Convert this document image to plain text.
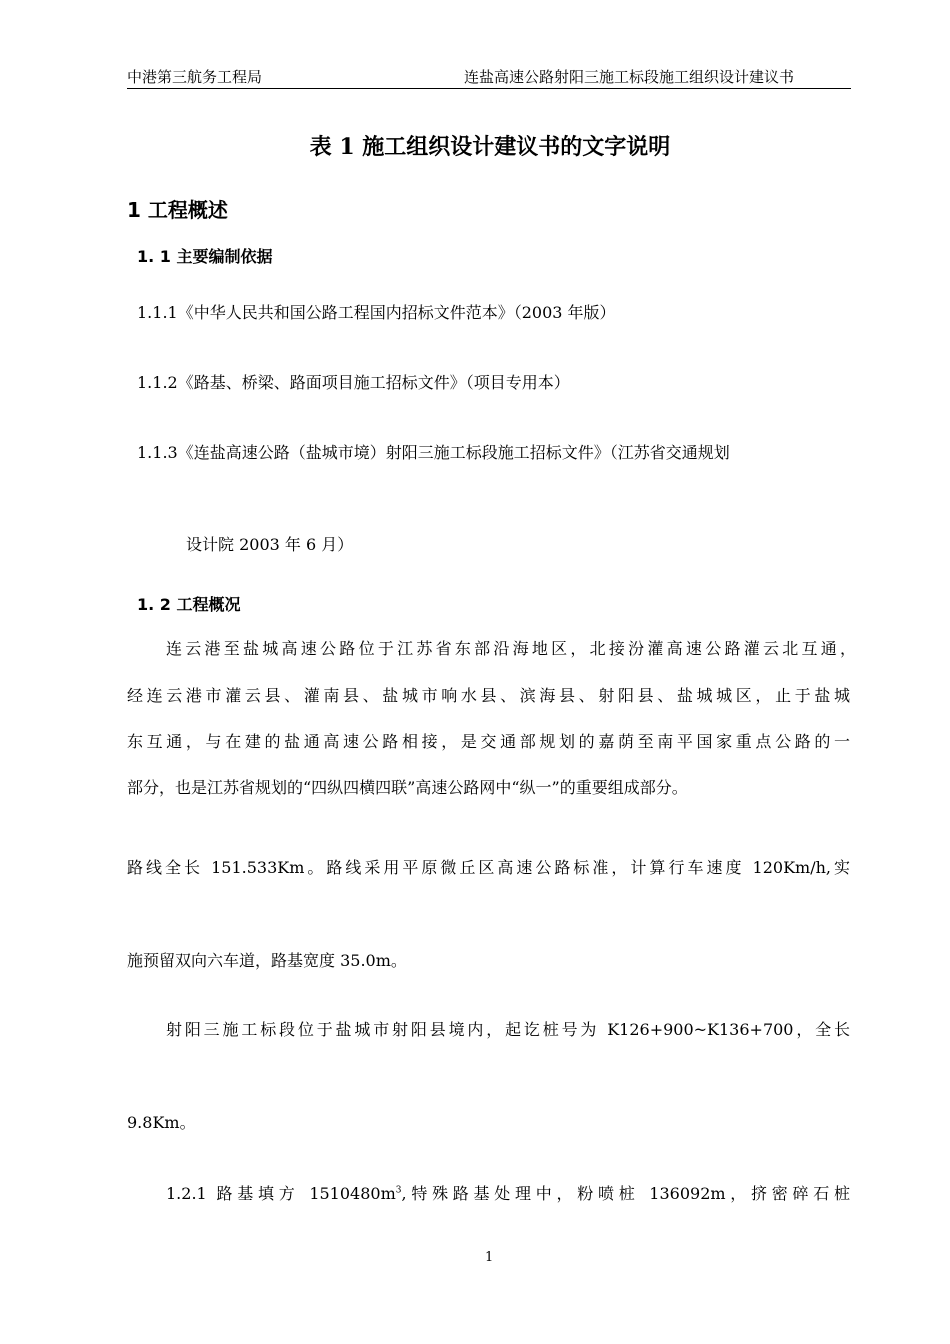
中港第三航务工程局	连盐高速公路射阳三施工标段施工组织设计建议书
表 1 施工组织设计建议书的文字说明
1 工程概述
1. 1 主要编制依据
1.1.1《中华人民共和国公路工程国内招标文件范本》（2003 年版）
1.1.2《路基、桥梁、路面项目施工招标文件》（项目专用本）
1.1.3《连盐高速公路（盐城市境）射阳三施工标段施工招标文件》（江苏省交通规划
设计院 2003 年 6 月）
1. 2 工程概况
连云港至盐城高速公路位于江苏省东部沿海地区，北接汾灌高速公路灌云北互通，
经连云港市灌云县、灌南县、盐城市响水县、滨海县、射阳县、盐城城区，止于盐城
东互通，与在建的盐通高速公路相接，是交通部规划的嘉荫至南平国家重点公路的一
部分，也是江苏省规划的“四纵四横四联”高速公路网中“纵一”的重要组成部分。
路线全长 151.533Km。路线采用平原微丘区高速公路标准，计算行车速度 120Km/h,实
施预留双向六车道，路基宽度 35.0m。
射阳三施工标段位于盐城市射阳县境内，起讫桩号为 K126+900~K136+700，全长
9.8Km。
1.2.1 路基填方 $1510480m^3$,特殊路基处理中，粉喷桩 136092m，挤密碎石桩
1
